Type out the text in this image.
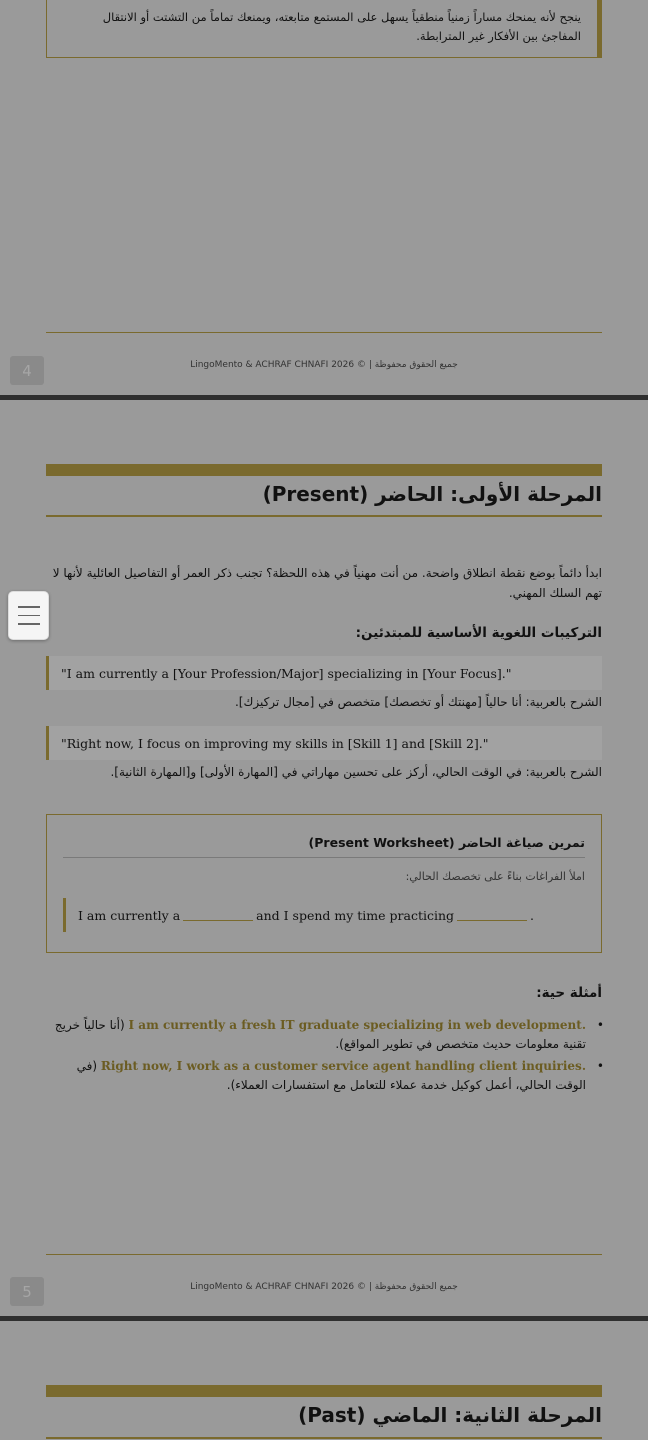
ينجح لأنه يمنحك مساراً زمنياً منطقياً يسهل على المستمع متابعته، ويمنعك تماماً من التشتت أو الانتقال المفاجئ بين الأفكار غير المترابطة.
جميع الحقوق محفوظة | © 2026 LingoMento & ACHRAF CHNAFI
4
المرحلة الأولى: الحاضر (Present)
ابدأ دائماً بوضع نقطة انطلاق واضحة. من أنت مهنياً في هذه اللحظة؟ تجنب ذكر العمر أو التفاصيل العائلية لأنها لا تهم السلك المهني.
التركيبات اللغوية الأساسية للمبتدئين:
"I am currently a [Your Profession/Major] specializing in [Your Focus]."
الشرح بالعربية: أنا حالياً [مهنتك أو تخصصك] متخصص في [مجال تركيزك].
"Right now, I focus on improving my skills in [Skill 1] and [Skill 2]."
الشرح بالعربية: في الوقت الحالي، أركز على تحسين مهاراتي في [المهارة الأولى] و[المهارة الثانية].
تمرين صياغة الحاضر (Present Worksheet)
املأ الفراغات بناءً على تخصصك الحالي:
I am currently a	and I spend my time practicing	.
أمثلة حية:
•
I am currently a fresh IT graduate specializing in web development. (أنا حالياً خريج تقنية معلومات حديث متخصص في تطوير المواقع).
•
Right now, I work as a customer service agent handling client inquiries. (في الوقت الحالي، أعمل كوكيل خدمة عملاء للتعامل مع استفسارات العملاء).
جميع الحقوق محفوظة | © 2026 LingoMento & ACHRAF CHNAFI
5
المرحلة الثانية: الماضي (Past)
